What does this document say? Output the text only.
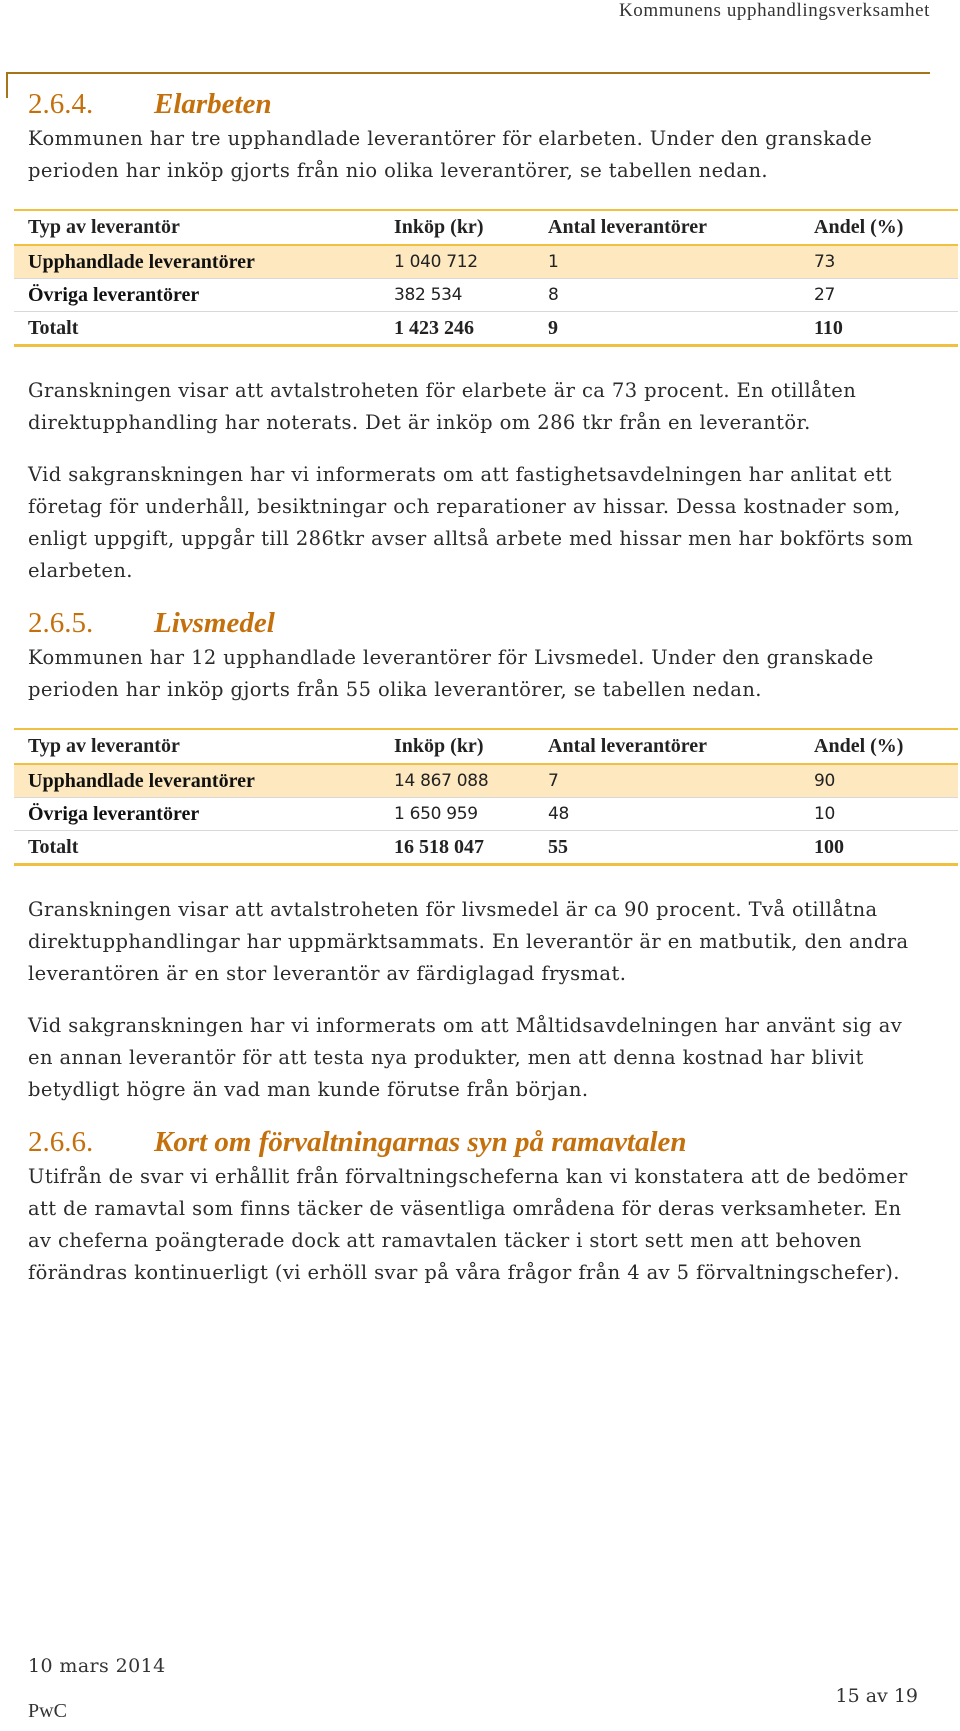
Kommunens upphandlingsverksamhet
2.6.4.	Elarbeten

Kommunen har tre upphandlade leverantörer för elarbeten. Under den granskade perioden har inköp gjorts från nio olika leverantörer, se tabellen nedan.

Typ av leverantör	Inköp (kr)	Antal leverantörer	Andel (%)
Upphandlade leverantörer	1 040 712	1	73
Övriga leverantörer	382 534	8	27
Totalt	1 423 246	9	110

Granskningen visar att avtalstroheten för elarbete är ca 73 procent. En otillåten direktupphandling har noterats. Det är inköp om 286 tkr från en leverantör.

Vid sakgranskningen har vi informerats om att fastighetsavdelningen har anlitat ett företag för underhåll, besiktningar och reparationer av hissar. Dessa kostnader som, enligt uppgift, uppgår till 286tkr avser alltså arbete med hissar men har bokförts som elarbeten.

2.6.5.	Livsmedel

Kommunen har 12 upphandlade leverantörer för Livsmedel. Under den granskade perioden har inköp gjorts från 55 olika leverantörer, se tabellen nedan.

Typ av leverantör	Inköp (kr)	Antal leverantörer	Andel (%)
Upphandlade leverantörer	14 867 088	7	90
Övriga leverantörer	1 650 959	48	10
Totalt	16 518 047	55	100

Granskningen visar att avtalstroheten för livsmedel är ca 90 procent. Två otillåtna direktupphandlingar har uppmärktsammats. En leverantör är en matbutik, den andra leverantören är en stor leverantör av färdiglagad frysmat.

Vid sakgranskningen har vi informerats om att Måltidsavdelningen har använt sig av en annan leverantör för att testa nya produkter, men att denna kostnad har blivit betydligt högre än vad man kunde förutse från början.

2.6.6.	Kort om förvaltningarnas syn på ramavtalen

Utifrån de svar vi erhållit från förvaltningscheferna kan vi konstatera att de bedömer att de ramavtal som finns täcker de väsentliga områdena för deras verksamheter. En av cheferna poängterade dock att ramavtalen täcker i stort sett men att behoven förändras kontinuerligt (vi erhöll svar på våra frågor från 4 av 5 förvaltningschefer).

10 mars 2014
PwC
15 av 19
